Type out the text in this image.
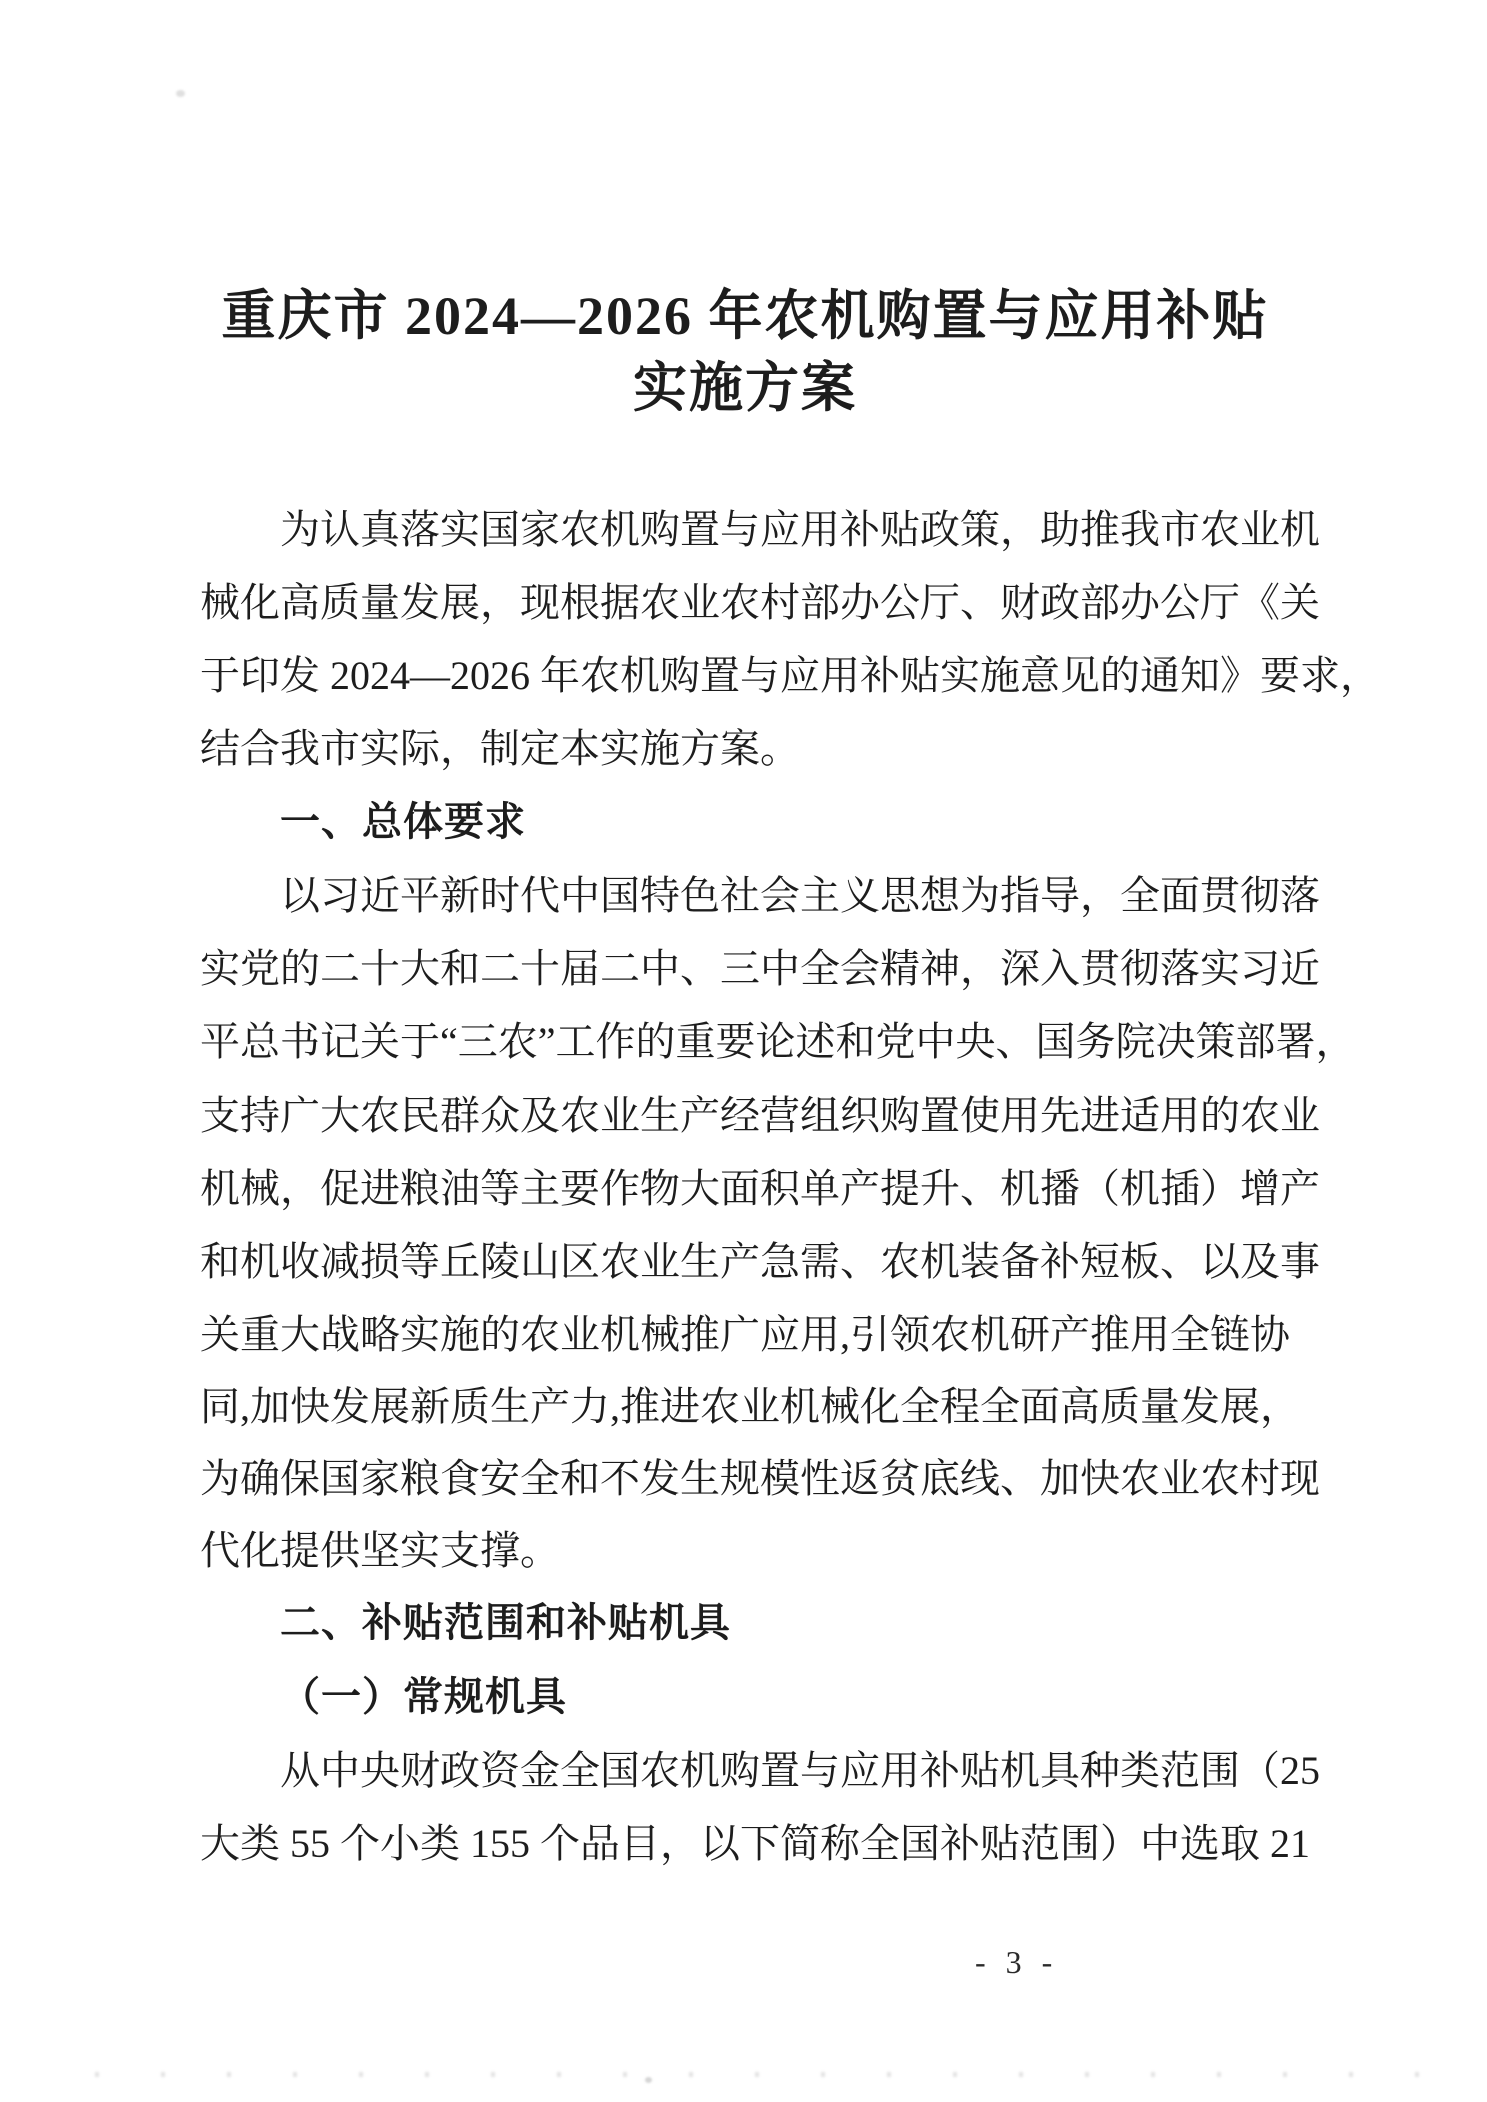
重庆市 2024—2026 年农机购置与应用补贴
实施方案
为认真落实国家农机购置与应用补贴政策，助推我市农业机
械化高质量发展，现根据农业农村部办公厅、财政部办公厅《关
于印发 2024—2026 年农机购置与应用补贴实施意见的通知》要求，
结合我市实际，制定本实施方案。
一、总体要求
以习近平新时代中国特色社会主义思想为指导，全面贯彻落
实党的二十大和二十届二中、三中全会精神，深入贯彻落实习近
平总书记关于“三农”工作的重要论述和党中央、国务院决策部署，
支持广大农民群众及农业生产经营组织购置使用先进适用的农业
机械，促进粮油等主要作物大面积单产提升、机播（机插）增产
和机收减损等丘陵山区农业生产急需、农机装备补短板、以及事
关重大战略实施的农业机械推广应用,引领农机研产推用全链协
同,加快发展新质生产力,推进农业机械化全程全面高质量发展，
为确保国家粮食安全和不发生规模性返贫底线、加快农业农村现
代化提供坚实支撑。
二、补贴范围和补贴机具
（一）常规机具
从中央财政资金全国农机购置与应用补贴机具种类范围（25
大类 55 个小类 155 个品目，以下简称全国补贴范围）中选取 21
- 3 -
